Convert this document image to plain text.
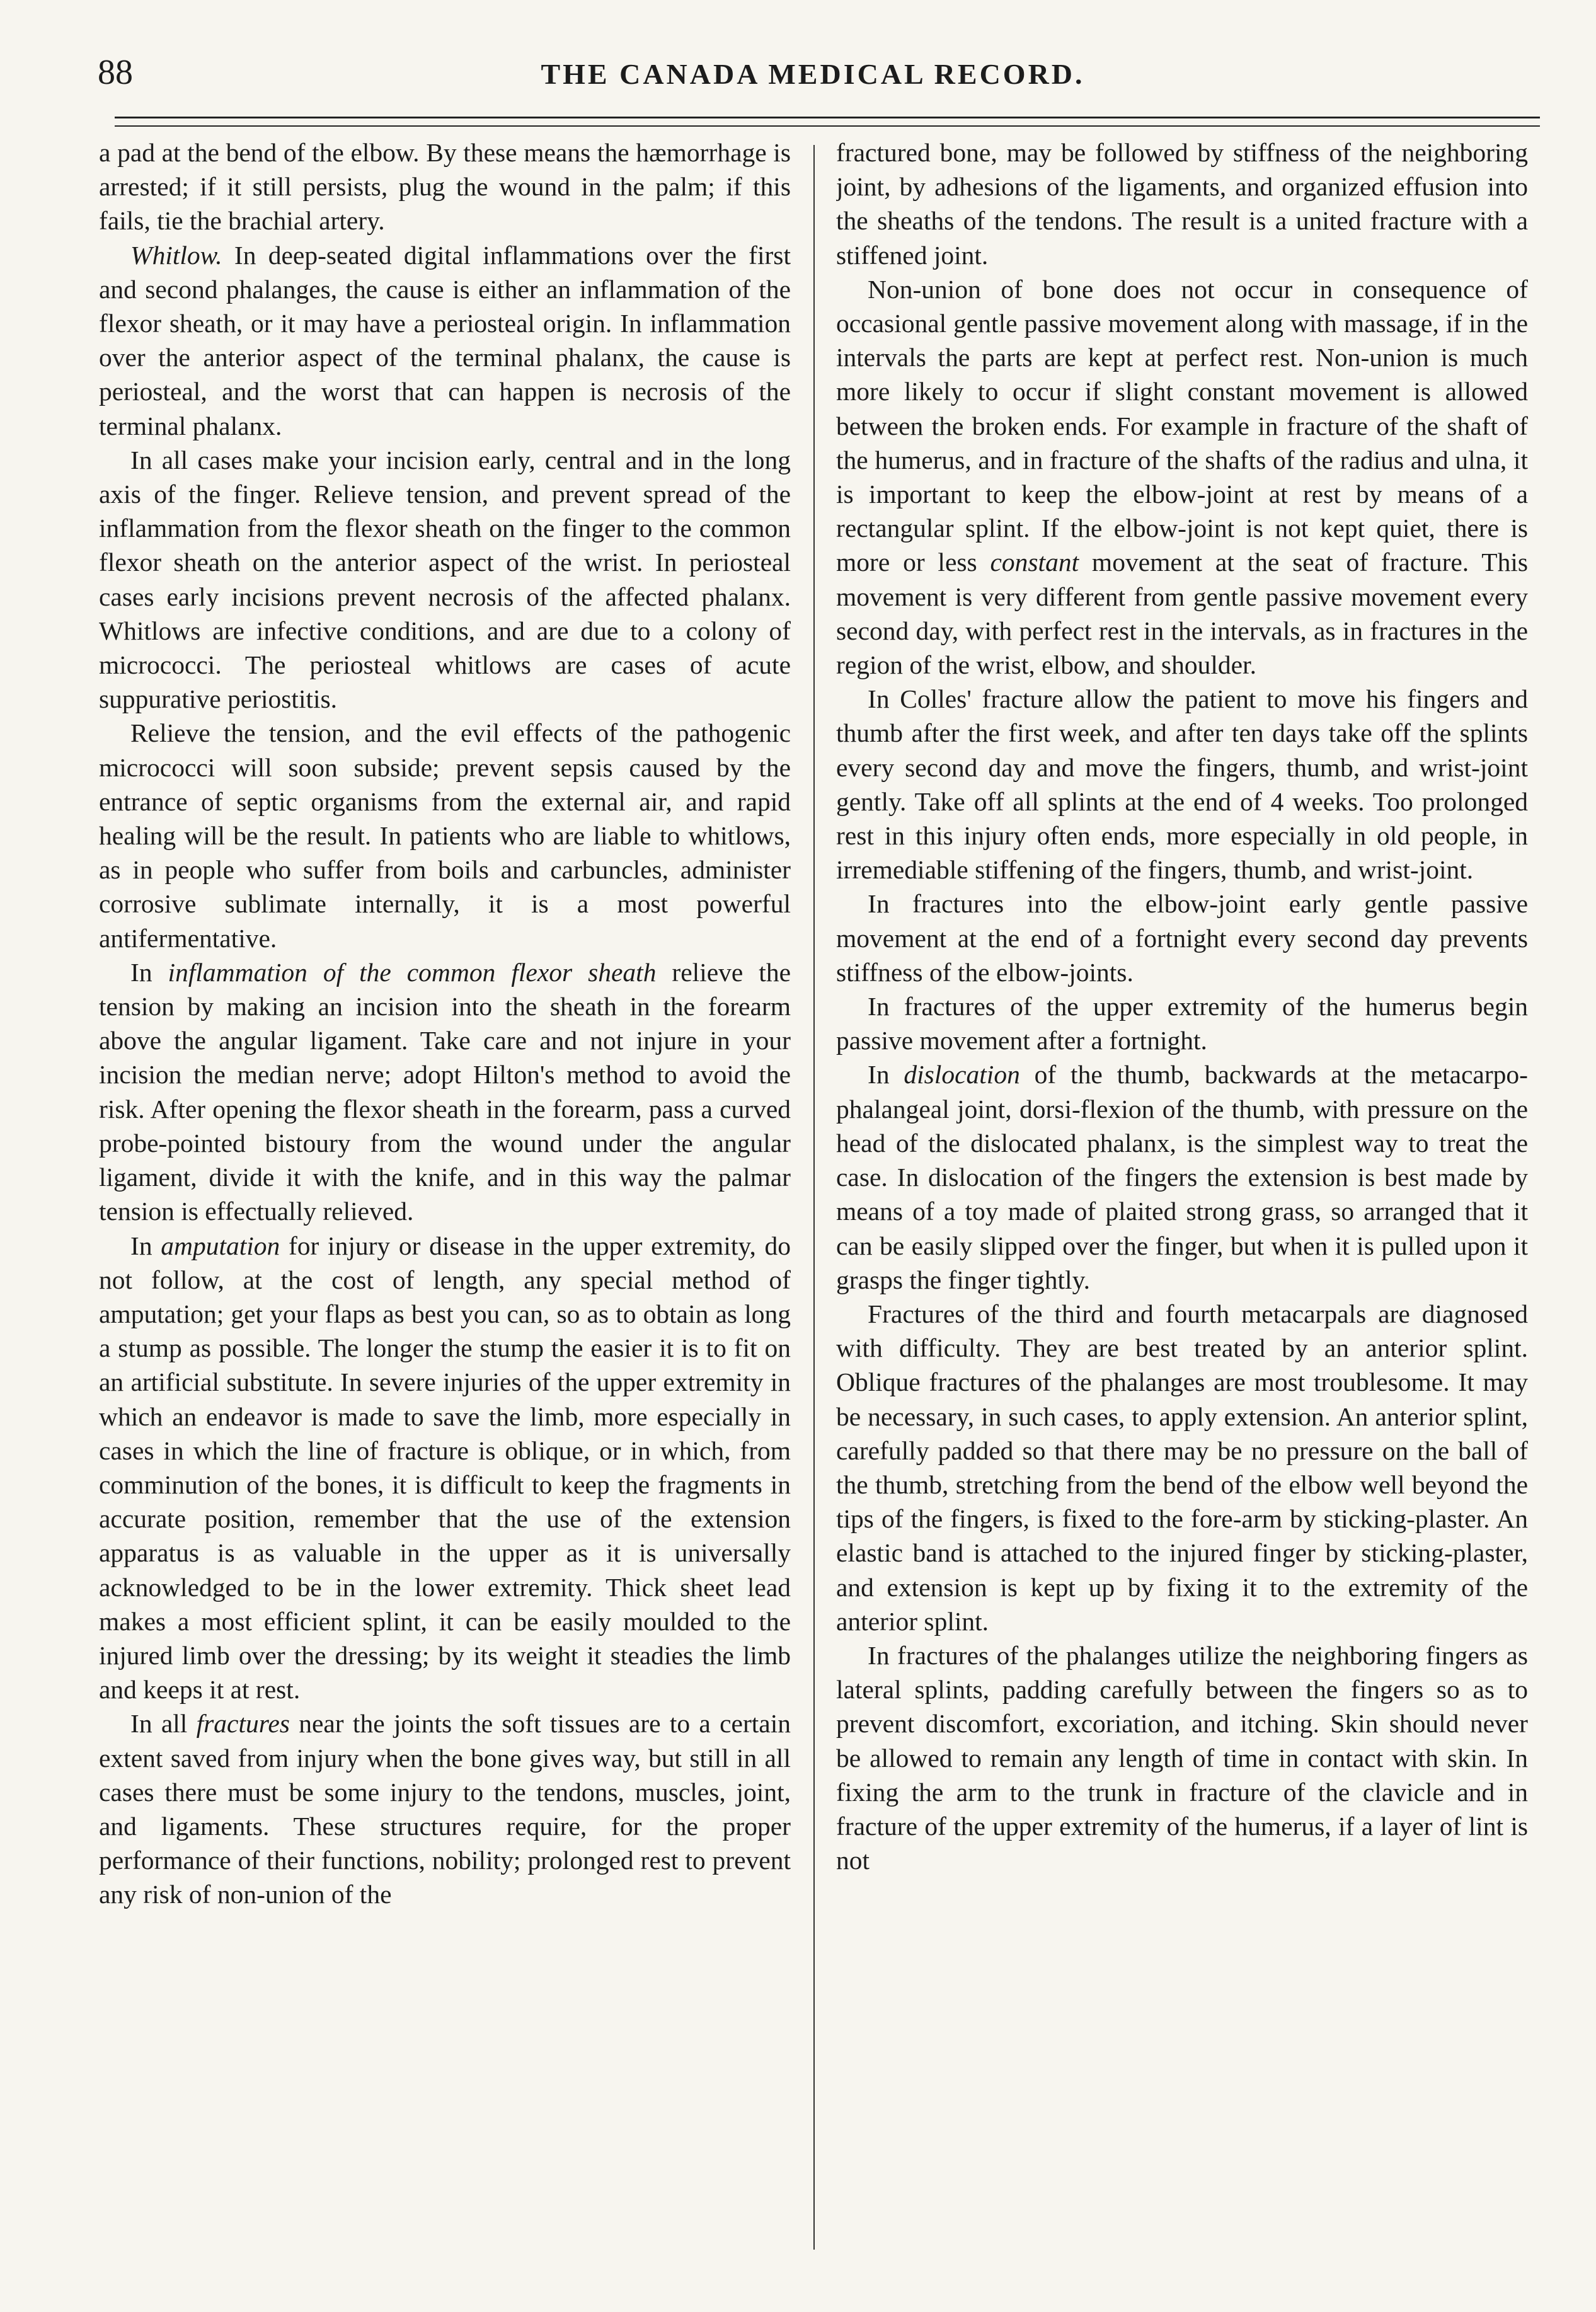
88	THE CANADA MEDICAL RECORD.

a pad at the bend of the elbow. By these means the hæmorrhage is arrested; if it still persists, plug the wound in the palm; if this fails, tie the brachial artery.

Whitlow. In deep-seated digital inflammations over the first and second phalanges, the cause is either an inflammation of the flexor sheath, or it may have a periosteal origin. In inflammation over the anterior aspect of the terminal phalanx, the cause is periosteal, and the worst that can happen is necrosis of the terminal phalanx.

In all cases make your incision early, central and in the long axis of the finger. Relieve tension, and prevent spread of the inflammation from the flexor sheath on the finger to the common flexor sheath on the anterior aspect of the wrist. In periosteal cases early incisions prevent necrosis of the affected phalanx. Whitlows are infective conditions, and are due to a colony of micrococci. The periosteal whitlows are cases of acute suppurative periostitis.

Relieve the tension, and the evil effects of the pathogenic micrococci will soon subside; prevent sepsis caused by the entrance of septic organisms from the external air, and rapid healing will be the result. In patients who are liable to whitlows, as in people who suffer from boils and carbuncles, administer corrosive sublimate internally, it is a most powerful antifermentative.

In inflammation of the common flexor sheath relieve the tension by making an incision into the sheath in the forearm above the angular ligament. Take care and not injure in your incision the median nerve; adopt Hilton's method to avoid the risk. After opening the flexor sheath in the forearm, pass a curved probe-pointed bistoury from the wound under the angular ligament, divide it with the knife, and in this way the palmar tension is effectually relieved.

In amputation for injury or disease in the upper extremity, do not follow, at the cost of length, any special method of amputation; get your flaps as best you can, so as to obtain as long a stump as possible. The longer the stump the easier it is to fit on an artificial substitute. In severe injuries of the upper extremity in which an endeavor is made to save the limb, more especially in cases in which the line of fracture is oblique, or in which, from comminution of the bones, it is difficult to keep the fragments in accurate position, remember that the use of the extension apparatus is as valuable in the upper as it is universally acknowledged to be in the lower extremity. Thick sheet lead makes a most efficient splint, it can be easily moulded to the injured limb over the dressing; by its weight it steadies the limb and keeps it at rest.

In all fractures near the joints the soft tissues are to a certain extent saved from injury when the bone gives way, but still in all cases there must be some injury to the tendons, muscles, joint, and ligaments. These structures require, for the proper performance of their functions, nobility; prolonged rest to prevent any risk of non-union of the

fractured bone, may be followed by stiffness of the neighboring joint, by adhesions of the ligaments, and organized effusion into the sheaths of the tendons. The result is a united fracture with a stiffened joint.

Non-union of bone does not occur in consequence of occasional gentle passive movement along with massage, if in the intervals the parts are kept at perfect rest. Non-union is much more likely to occur if slight constant movement is allowed between the broken ends. For example in fracture of the shaft of the humerus, and in fracture of the shafts of the radius and ulna, it is important to keep the elbow-joint at rest by means of a rectangular splint. If the elbow-joint is not kept quiet, there is more or less constant movement at the seat of fracture. This movement is very different from gentle passive movement every second day, with perfect rest in the intervals, as in fractures in the region of the wrist, elbow, and shoulder.

In Colles' fracture allow the patient to move his fingers and thumb after the first week, and after ten days take off the splints every second day and move the fingers, thumb, and wrist-joint gently. Take off all splints at the end of 4 weeks. Too prolonged rest in this injury often ends, more especially in old people, in irremediable stiffening of the fingers, thumb, and wrist-joint.

In fractures into the elbow-joint early gentle passive movement at the end of a fortnight every second day prevents stiffness of the elbow-joints.

In fractures of the upper extremity of the humerus begin passive movement after a fortnight.

In dislocation of the thumb, backwards at the metacarpo-phalangeal joint, dorsi-flexion of the thumb, with pressure on the head of the dislocated phalanx, is the simplest way to treat the case. In dislocation of the fingers the extension is best made by means of a toy made of plaited strong grass, so arranged that it can be easily slipped over the finger, but when it is pulled upon it grasps the finger tightly.

Fractures of the third and fourth metacarpals are diagnosed with difficulty. They are best treated by an anterior splint. Oblique fractures of the phalanges are most troublesome. It may be necessary, in such cases, to apply extension. An anterior splint, carefully padded so that there may be no pressure on the ball of the thumb, stretching from the bend of the elbow well beyond the tips of the fingers, is fixed to the fore-arm by sticking-plaster. An elastic band is attached to the injured finger by sticking-plaster, and extension is kept up by fixing it to the extremity of the anterior splint.

In fractures of the phalanges utilize the neighboring fingers as lateral splints, padding carefully between the fingers so as to prevent discomfort, excoriation, and itching. Skin should never be allowed to remain any length of time in contact with skin. In fixing the arm to the trunk in fracture of the clavicle and in fracture of the upper extremity of the humerus, if a layer of lint is not
